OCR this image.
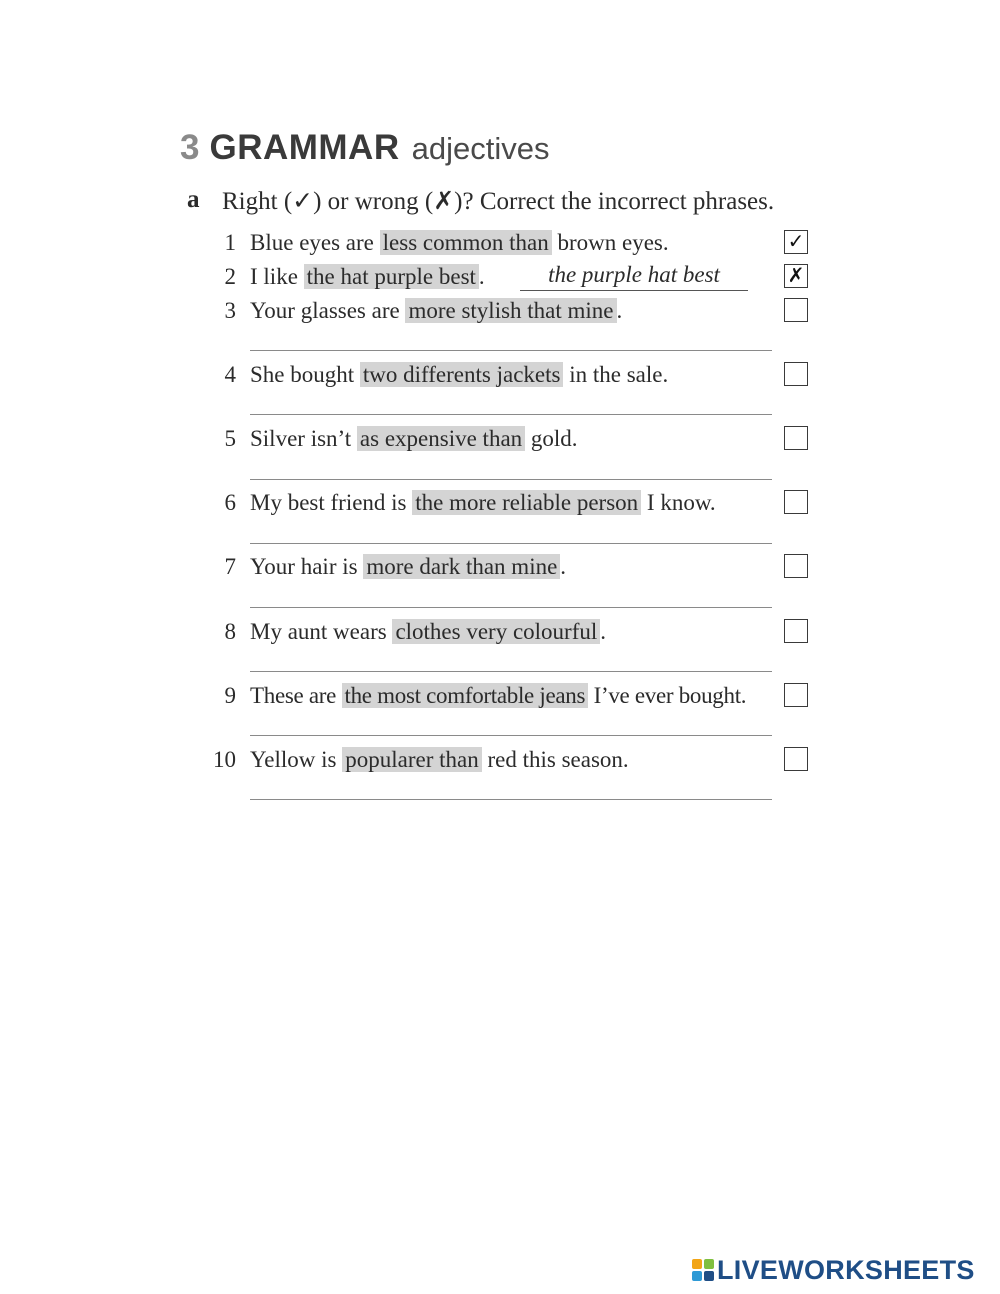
3 GRAMMAR adjectives
a Right (✓) or wrong (✗)? Correct the incorrect phrases.
1 Blue eyes are less common than brown eyes.	✓
2 I like the hat purple best .	the purple hat best	✗
3 Your glasses are more stylish that mine .
4 She bought two differents jackets in the sale.
5 Silver isn’t as expensive than gold.
6 My best friend is the more reliable person I know.
7 Your hair is more dark than mine .
8 My aunt wears clothes very colourful .
9 These are the most comfortable jeans I’ve ever bought.
10 Yellow is popularer than red this season.
LIVEWORKSHEETS
